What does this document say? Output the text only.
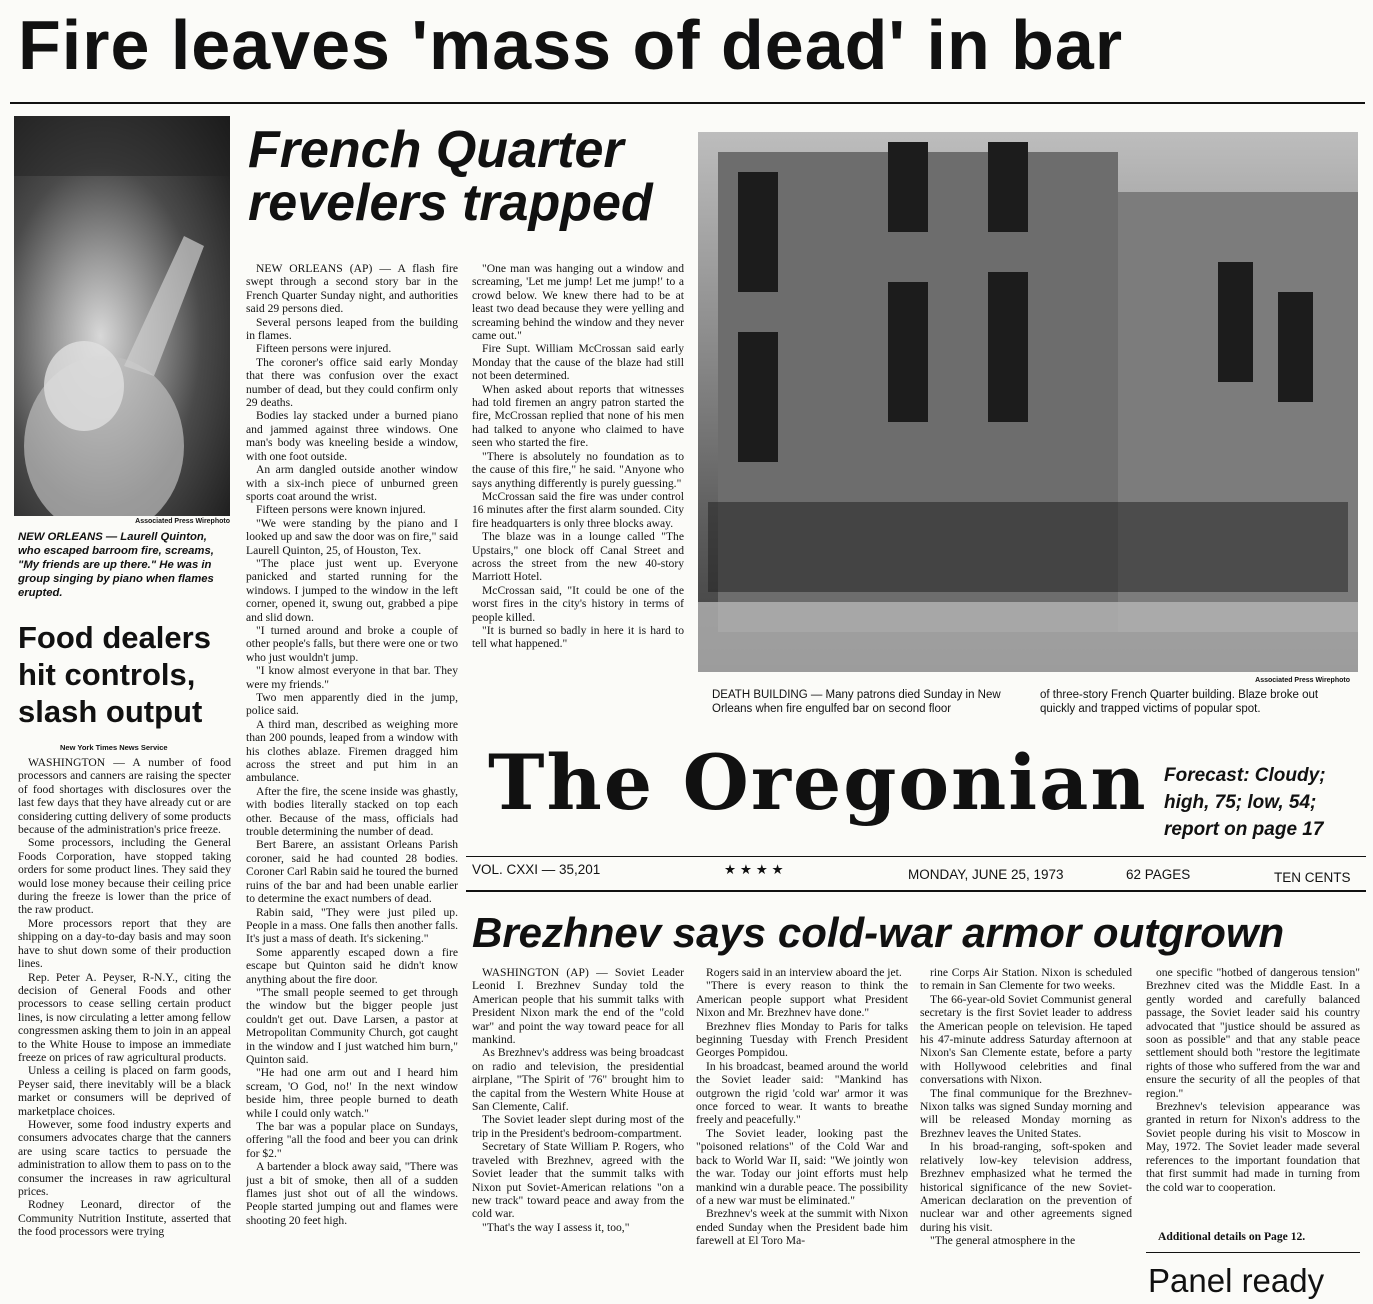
Fire leaves 'mass of dead' in bar
Associated Press Wirephoto
NEW ORLEANS — Laurell Quinton, who escaped barroom fire, screams, "My friends are up there." He was in group singing by piano when flames erupted.
Food dealers
hit controls,
slash output
New York Times News Service

WASHINGTON — A number of food processors and canners are raising the specter of food shortages with disclosures over the last few days that they have already cut or are considering cutting delivery of some products because of the administration's price freeze.

Some processors, including the General Foods Corporation, have stopped taking orders for some product lines. They said they would lose money because their ceiling price during the freeze is lower than the price of the raw product.

More processors report that they are shipping on a day-to-day basis and may soon have to shut down some of their production lines.

Rep. Peter A. Peyser, R-N.Y., citing the decision of General Foods and other processors to cease selling certain product lines, is now circulating a letter among fellow congressmen asking them to join in an appeal to the White House to impose an immediate freeze on prices of raw agricultural products.

Unless a ceiling is placed on farm goods, Peyser said, there inevitably will be a black market or consumers will be deprived of marketplace choices.

However, some food industry experts and consumers advocates charge that the canners are using scare tactics to persuade the administration to allow them to pass on to the consumer the increases in raw agricultural prices.

Rodney Leonard, director of the Community Nutrition Institute, asserted that the food processors were trying

French Quarter
revelers trapped

NEW ORLEANS (AP) — A flash fire swept through a second story bar in the French Quarter Sunday night, and authorities said 29 persons died.

Several persons leaped from the building in flames.

Fifteen persons were injured.

The coroner's office said early Monday that there was confusion over the exact number of dead, but they could confirm only 29 deaths.

Bodies lay stacked under a burned piano and jammed against three windows. One man's body was kneeling beside a window, with one foot outside.

An arm dangled outside another window with a six-inch piece of unburned green sports coat around the wrist.

Fifteen persons were known injured.

"We were standing by the piano and I looked up and saw the door was on fire," said Laurell Quinton, 25, of Houston, Tex.

"The place just went up. Everyone panicked and started running for the windows. I jumped to the window in the left corner, opened it, swung out, grabbed a pipe and slid down.

"I turned around and broke a couple of other people's falls, but there were one or two who just wouldn't jump.

"I know almost everyone in that bar. They were my friends."

Two men apparently died in the jump, police said.

A third man, described as weighing more than 200 pounds, leaped from a window with his clothes ablaze. Firemen dragged him across the street and put him in an ambulance.

After the fire, the scene inside was ghastly, with bodies literally stacked on top each other. Because of the mass, officials had trouble determining the number of dead.

Bert Barere, an assistant Orleans Parish coroner, said he had counted 28 bodies. Coroner Carl Rabin said he toured the burned ruins of the bar and had been unable earlier to determine the exact numbers of dead.

Rabin said, "They were just piled up. People in a mass. One falls then another falls. It's just a mass of death. It's sickening."

Some apparently escaped down a fire escape but Quinton said he didn't know anything about the fire door.

"The small people seemed to get through the window but the bigger people just couldn't get out. Dave Larsen, a pastor at Metropolitan Community Church, got caught in the window and I just watched him burn," Quinton said.

"He had one arm out and I heard him scream, 'O God, no!' In the next window beside him, three people burned to death while I could only watch."

The bar was a popular place on Sundays, offering "all the food and beer you can drink for $2."

A bartender a block away said, "There was just a bit of smoke, then all of a sudden flames just shot out of all the windows. People started jumping out and flames were shooting 20 feet high.

"One man was hanging out a window and screaming, 'Let me jump! Let me jump!' to a crowd below. We knew there had to be at least two dead because they were yelling and screaming behind the window and they never came out."

Fire Supt. William McCrossan said early Monday that the cause of the blaze had still not been determined.

When asked about reports that witnesses had told firemen an angry patron started the fire, McCrossan replied that none of his men had talked to anyone who claimed to have seen who started the fire.

"There is absolutely no foundation as to the cause of this fire," he said. "Anyone who says anything differently is purely guessing."

McCrossan said the fire was under control 16 minutes after the first alarm sounded. City fire headquarters is only three blocks away.

The blaze was in a lounge called "The Upstairs," one block off Canal Street and across the street from the new 40-story Marriott Hotel.

McCrossan said, "It could be one of the worst fires in the city's history in terms of people killed.

"It is burned so badly in here it is hard to tell what happened."

Associated Press Wirephoto
DEATH BUILDING — Many patrons died Sunday in New Orleans when fire engulfed bar on second floor
of three-story French Quarter building. Blaze broke out quickly and trapped victims of popular spot.
The Oregonian Forecast: Cloudy;
high, 75; low, 54;
report on page 17
VOL. CXXI — 35,201	★ ★ ★ ★	MONDAY, JUNE 25, 1973	62 PAGES	TEN CENTS
Brezhnev says cold-war armor outgrown

WASHINGTON (AP) — Soviet Leader Leonid I. Brezhnev Sunday told the American people that his summit talks with President Nixon mark the end of the "cold war" and point the way toward peace for all mankind.

As Brezhnev's address was being broadcast on radio and television, the presidential airplane, "The Spirit of '76" brought him to the capital from the Western White House at San Clemente, Calif.

The Soviet leader slept during most of the trip in the President's bedroom-compartment.

Secretary of State William P. Rogers, who traveled with Brezhnev, agreed with the Soviet leader that the summit talks with Nixon put Soviet-American relations "on a new track" toward peace and away from the cold war.

"That's the way I assess it, too,"

Rogers said in an interview aboard the jet.

"There is every reason to think the American people support what President Nixon and Mr. Brezhnev have done."

Brezhnev flies Monday to Paris for talks beginning Tuesday with French President Georges Pompidou.

In his broadcast, beamed around the world the Soviet leader said: "Mankind has outgrown the rigid 'cold war' armor it was once forced to wear. It wants to breathe freely and peacefully."

The Soviet leader, looking past the "poisoned relations" of the Cold War and back to World War II, said: "We jointly won the war. Today our joint efforts must help mankind win a durable peace. The possibility of a new war must be eliminated."

Brezhnev's week at the summit with Nixon ended Sunday when the President bade him farewell at El Toro Ma-

rine Corps Air Station. Nixon is scheduled to remain in San Clemente for two weeks.

The 66-year-old Soviet Communist general secretary is the first Soviet leader to address the American people on television. He taped his 47-minute address Saturday afternoon at Nixon's San Clemente estate, before a party with Hollywood celebrities and final conversations with Nixon.

The final communique for the Brezhnev-Nixon talks was signed Sunday morning and will be released Monday morning as Brezhnev leaves the United States.

In his broad-ranging, soft-spoken and relatively low-key television address, Brezhnev emphasized what he termed the historical significance of the new Soviet-American declaration on the prevention of nuclear war and other agreements signed during his visit.

"The general atmosphere in the

one specific "hotbed of dangerous tension" Brezhnev cited was the Middle East. In a gently worded and carefully balanced passage, the Soviet leader said his country advocated that "justice should be assured as soon as possible" and that any stable peace settlement should both "restore the legitimate rights of those who suffered from the war and ensure the security of all the peoples of that region."

Brezhnev's television appearance was granted in return for Nixon's address to the Soviet people during his visit to Moscow in May, 1972. The Soviet leader made several references to the important foundation that that first summit had made in turning from the cold war to cooperation.

Additional details on Page 12.
Panel ready
